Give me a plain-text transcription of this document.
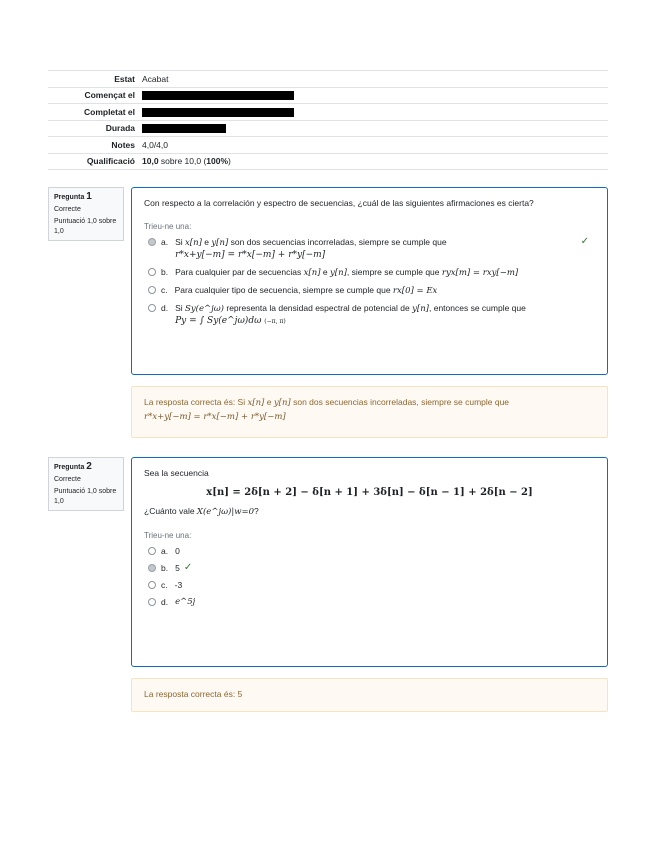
Estat Acabat
Començat el
Completat el
Durada
Notes 4,0/4,0
Qualificació 10,0 sobre 10,0 (100%)
Pregunta 1
Correcte
Puntuació 1,0 sobre 1,0
Con respecto a la correlación y espectro de secuencias, ¿cuál de las siguientes afirmaciones es cierta?
Trieu-ne una:
a. Si x[n] e y[n] son dos secuencias incorreladas, siempre se cumple que
r*x+y[−m] = r*x[−m] + r*y[−m]
✓︎
b. Para cualquier par de secuencias x[n] e y[n], siempre se cumple que ryx[m] = rxy[−m]
c. Para cualquier tipo de secuencia, siempre se cumple que rx[0] = Ex
d. Si Sy(e^jω) representa la densidad espectral de potencial de y[n], entonces se cumple que
Py = ∫ Sy(e^jω)dω (−π, π)
La resposta correcta és: Si x[n] e y[n] son dos secuencias incorreladas, siempre se cumple que
r*x+y[−m] = r*x[−m] + r*y[−m]
Pregunta 2
Correcte
Puntuació 1,0 sobre 1,0
Sea la secuencia
x[n] = 2δ[n + 2] − δ[n + 1] + 3δ[n] − δ[n − 1] + 2δ[n − 2]
¿Cuánto vale X(e^jω)|w=0?
Trieu-ne una:
a. 0
b. 5 ✓︎
c. -3
d. e^5j
La resposta correcta és: 5
